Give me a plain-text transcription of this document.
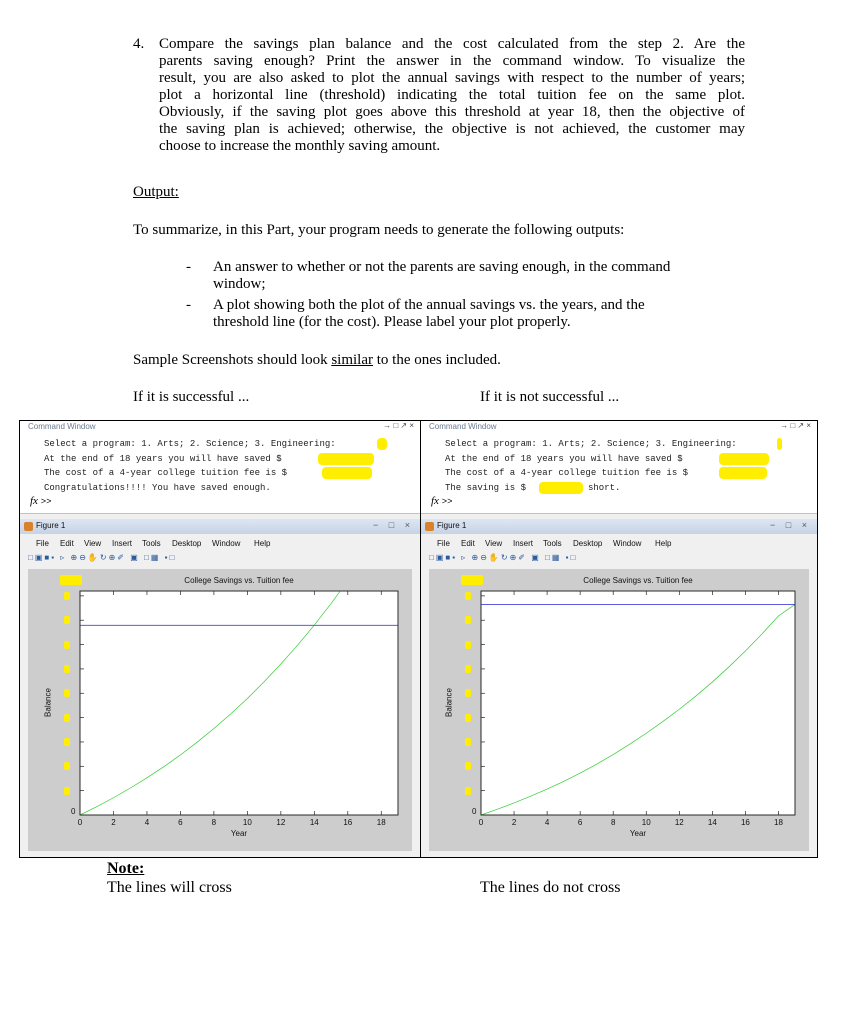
4. Compare the savings plan balance and the cost calculated from the step 2. Are the
parents saving enough? Print the answer in the command window. To visualize the
result, you are also asked to plot the annual savings with respect to the number of years;
plot a horizontal line (threshold) indicating the total tuition fee on the same plot.
Obviously, if the saving plot goes above this threshold at year 18, then the objective of
the saving plan is achieved; otherwise, the objective is not achieved, the customer may
choose to increase the monthly saving amount.
Output:
To summarize, in this Part, your program needs to generate the following outputs:
- An answer to whether or not the parents are saving enough, in the command
window;
- A plot showing both the plot of the annual savings vs. the years, and the
threshold line (for the cost). Please label your plot properly.
Sample Screenshots should look similar to the ones included.
If it is successful ...	If it is not successful ...
Command Window	→ □ ↗ ×
Select a program: 1. Arts; 2. Science; 3. Engineering:
At the end of 18 years you will have saved $
The cost of a 4-year college tuition fee is $
Congratulations!!!! You have saved enough.
fx >>
Figure 1	− □ ×
File Edit View Insert Tools Desktop Window Help
□▣■▪ ▹ ⊕⊖✋↻⊕✐ ▣ □▦ ▪□
0	2	4	6	8	10	12	14	16	18
0
College Savings vs. Tuition fee
Year
Balance
Command Window	→ □ ↗ ×
Select a program: 1. Arts; 2. Science; 3. Engineering:
At the end of 18 years you will have saved $
The cost of a 4-year college tuition fee is $
The saving is $	short.
fx >>
Figure 1	− □ ×
File Edit View Insert Tools Desktop Window Help
□▣■▪ ▹ ⊕⊖✋↻⊕✐ ▣ □▦ ▪□
0	2	4	6	8	10	12	14	16	18
0
College Savings vs. Tuition fee
Year
Balance
Note:
The lines will cross	The lines do not cross
